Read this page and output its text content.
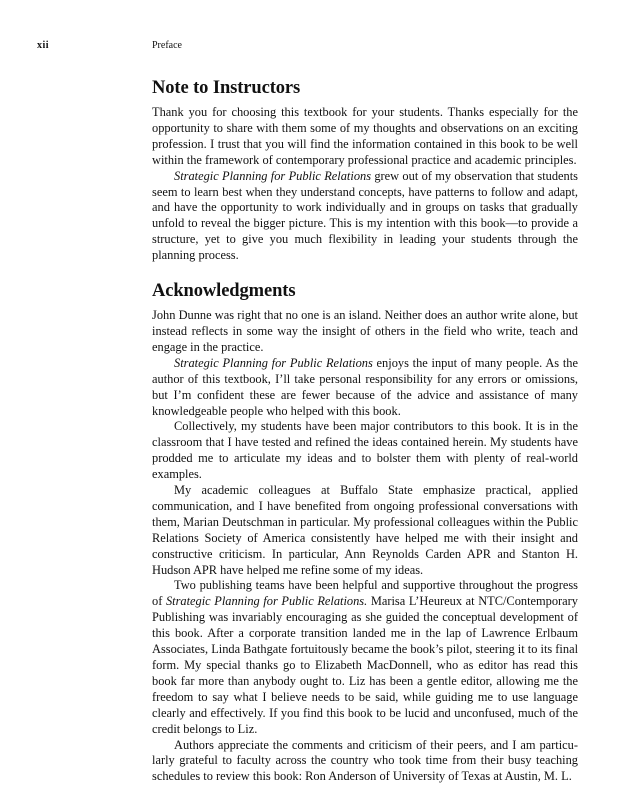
xii	Preface
Note to Instructors

Thank you for choosing this textbook for your students. Thanks especially for the opportunity to share with them some of my thoughts and observations on an exciting profession. I trust that you will find the information contained in this book to be well within the framework of contemporary professional practice and academic principles.

Strategic Planning for Public Relations grew out of my observation that students seem to learn best when they understand concepts, have patterns to follow and adapt, and have the opportunity to work individually and in groups on tasks that gradually unfold to reveal the bigger picture. This is my intention with this book—to provide a structure, yet to give you much flexibility in leading your students through the planning process.

Acknowledgments

John Dunne was right that no one is an island. Neither does an author write alone, but instead reflects in some way the insight of others in the field who write, teach and engage in the practice.

Strategic Planning for Public Relations enjoys the input of many people. As the author of this textbook, I’ll take personal responsibility for any errors or omissions, but I’m confident these are fewer because of the advice and assistance of many knowledgeable people who helped with this book.

Collectively, my students have been major contributors to this book. It is in the classroom that I have tested and refined the ideas contained herein. My students have prodded me to articulate my ideas and to bolster them with plenty of real-world examples.

My academic colleagues at Buffalo State emphasize practical, applied communication, and I have benefited from ongoing professional conversations with them, Marian Deutschman in particular. My professional colleagues within the Public Relations Society of America consistently have helped me with their insight and constructive criticism. In particular, Ann Reynolds Carden APR and Stanton H. Hudson APR have helped me refine some of my ideas.

Two publishing teams have been helpful and supportive throughout the progress of Strategic Planning for Public Relations. Marisa L’Heureux at NTC/Contemporary Publishing was invariably encouraging as she guided the conceptual development of this book. After a corporate transition landed me in the lap of Lawrence Erlbaum Associates, Linda Bathgate fortuitously became the book’s pilot, steering it to its final form. My special thanks go to Elizabeth MacDonnell, who as editor has read this book far more than anybody ought to. Liz has been a gentle editor, allowing me the freedom to say what I believe needs to be said, while guiding me to use language clearly and effectively. If you find this book to be lucid and unconfused, much of the credit belongs to Liz.

Authors appreciate the comments and criticism of their peers, and I am particularly grateful to faculty across the country who took time from their busy teaching schedules to review this book: Ron Anderson of University of Texas at Austin, M. L.
